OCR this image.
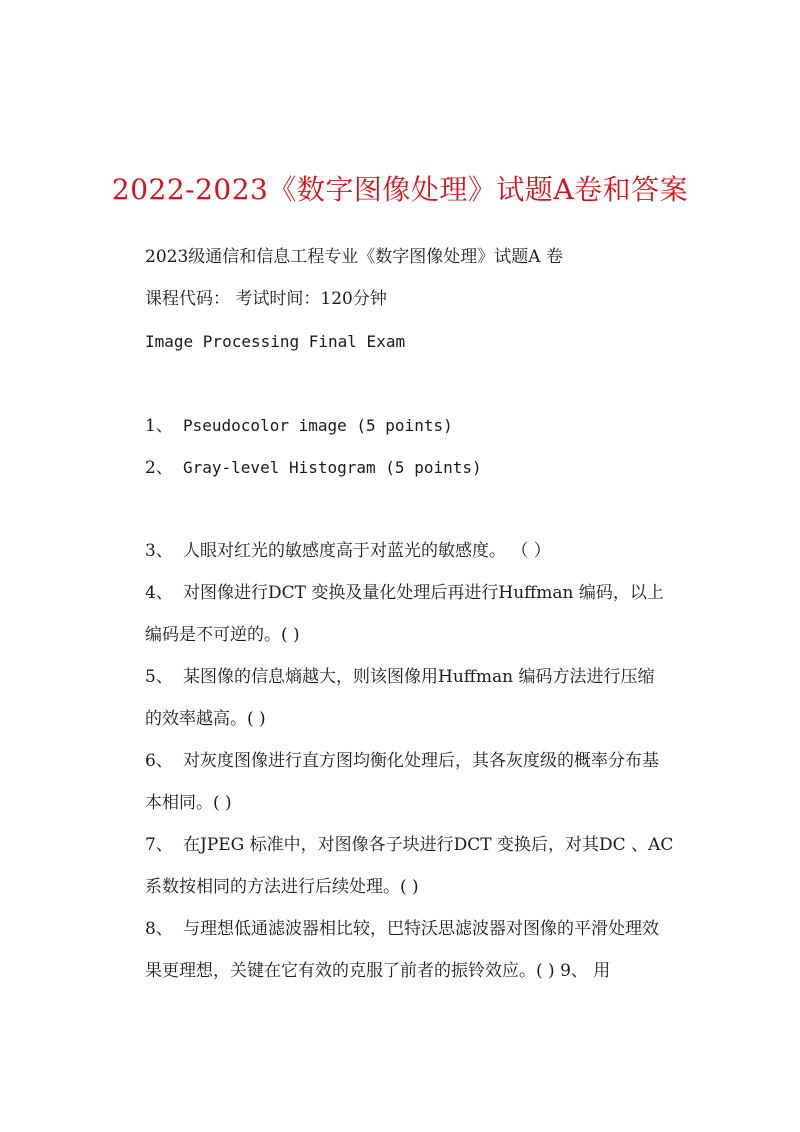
2022-2023《数字图像处理》试题A卷和答案
2023级通信和信息工程专业《数字图像处理》试题A 卷
课程代码： 考试时间：120分钟
Image Processing Final Exam
1、 Pseudocolor image (5 points)
2、 Gray-level Histogram (5 points)
3、 人眼对红光的敏感度高于对蓝光的敏感度。 （ ）
4、 对图像进行DCT 变换及量化处理后再进行Huffman 编码，以上
编码是不可逆的。( )
5、 某图像的信息熵越大，则该图像用Huffman 编码方法进行压缩
的效率越高。( )
6、 对灰度图像进行直方图均衡化处理后，其各灰度级的概率分布基
本相同。( )
7、 在JPEG 标准中，对图像各子块进行DCT 变换后，对其DC 、AC
系数按相同的方法进行后续处理。( )
8、 与理想低通滤波器相比较，巴特沃思滤波器对图像的平滑处理效
果更理想，关键在它有效的克服了前者的振铃效应。( ) 9、 用
